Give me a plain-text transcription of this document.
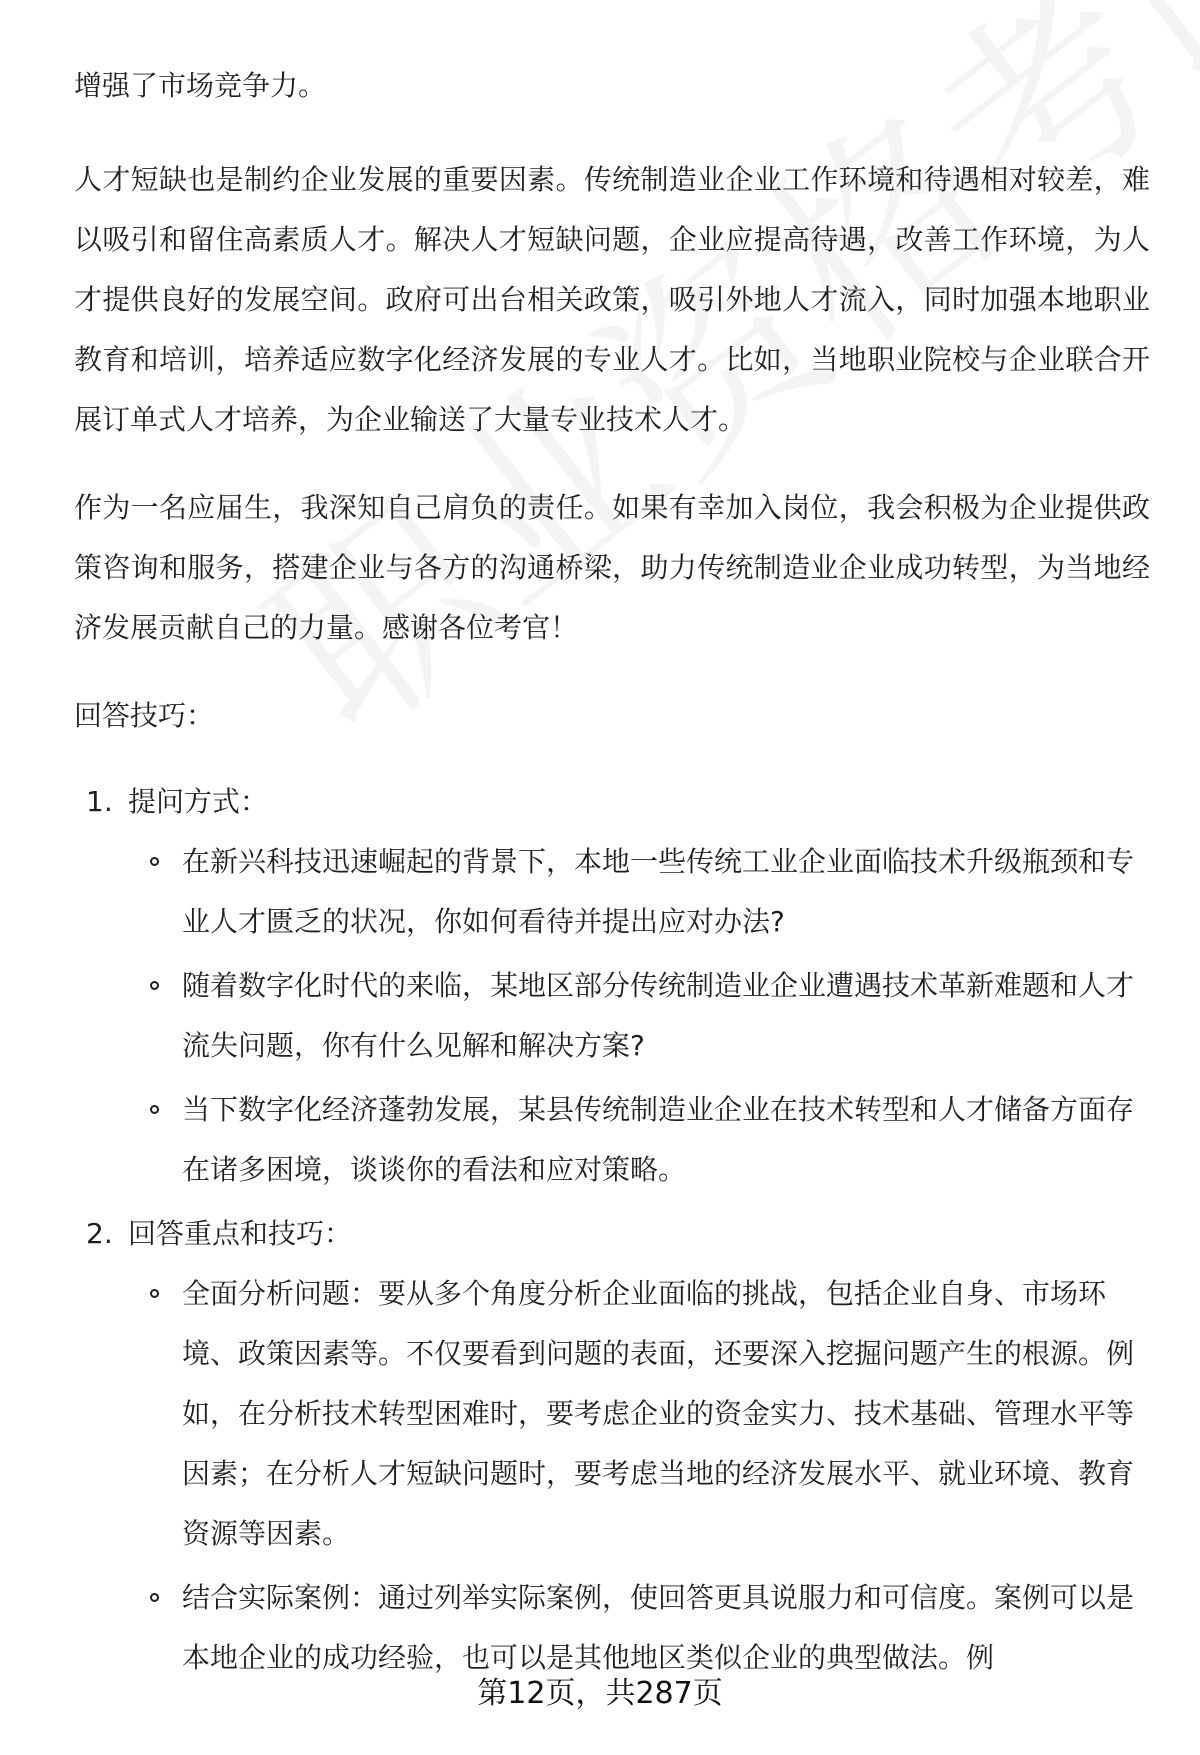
增强了市场竞争力。

人才短缺也是制约企业发展的重要因素。传统制造业企业工作环境和待遇相对较差，难以吸引和留住高素质人才。解决人才短缺问题，企业应提高待遇，改善工作环境，为人才提供良好的发展空间。政府可出台相关政策，吸引外地人才流入，同时加强本地职业教育和培训，培养适应数字化经济发展的专业人才。比如，当地职业院校与企业联合开展订单式人才培养，为企业输送了大量专业技术人才。

作为一名应届生，我深知自己肩负的责任。如果有幸加入岗位，我会积极为企业提供政策咨询和服务，搭建企业与各方的沟通桥梁，助力传统制造业企业成功转型，为当地经济发展贡献自己的力量。感谢各位考官！

回答技巧：

1. 提问方式：
在新兴科技迅速崛起的背景下，本地一些传统工业企业面临技术升级瓶颈和专业人才匮乏的状况，你如何看待并提出应对办法?
随着数字化时代的来临，某地区部分传统制造业企业遭遇技术革新难题和人才流失问题，你有什么见解和解决方案?
当下数字化经济蓬勃发展，某县传统制造业企业在技术转型和人才储备方面存在诸多困境，谈谈你的看法和应对策略。
2. 回答重点和技巧：
全面分析问题：要从多个角度分析企业面临的挑战，包括企业自身、市场环境、政策因素等。不仅要看到问题的表面，还要深入挖掘问题产生的根源。例如，在分析技术转型困难时，要考虑企业的资金实力、技术基础、管理水平等因素；在分析人才短缺问题时，要考虑当地的经济发展水平、就业环境、教育资源等因素。
结合实际案例：通过列举实际案例，使回答更具说服力和可信度。案例可以是本地企业的成功经验，也可以是其他地区类似企业的典型做法。例
第12页，共287页
